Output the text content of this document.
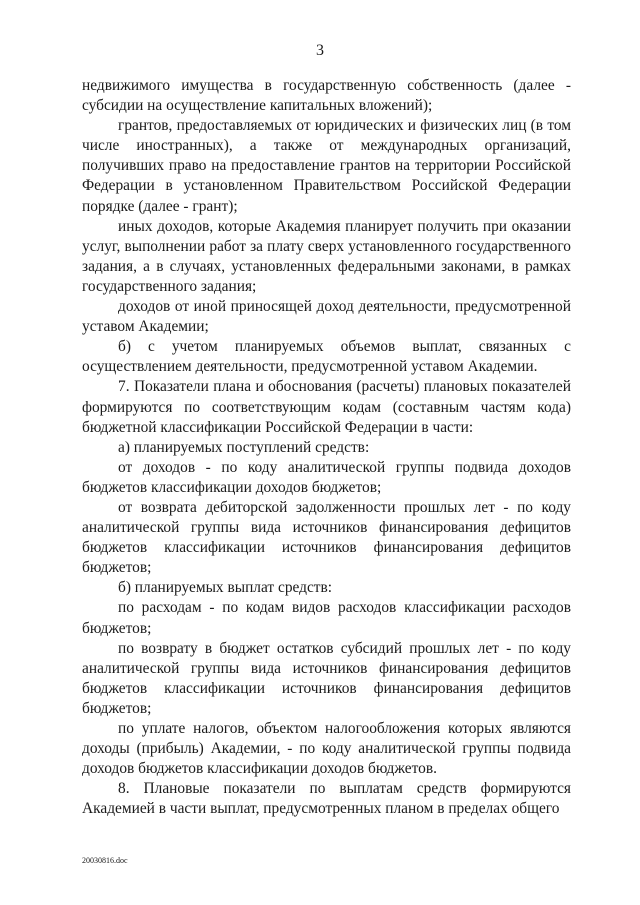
3

недвижимого имущества в государственную собственность (далее - субсидии на осуществление капитальных вложений);

грантов, предоставляемых от юридических и физических лиц (в том числе иностранных), а также от международных организаций, получивших право на предоставление грантов на территории Российской Федерации в установленном Правительством Российской Федерации порядке (далее - грант);

иных доходов, которые Академия планирует получить при оказании услуг, выполнении работ за плату сверх установленного государственного задания, а в случаях, установленных федеральными законами, в рамках государственного задания;

доходов от иной приносящей доход деятельности, предусмотренной уставом Академии;

б) с учетом планируемых объемов выплат, связанных с осуществлением деятельности, предусмотренной уставом Академии.

7. Показатели плана и обоснования (расчеты) плановых показателей формируются по соответствующим кодам (составным частям кода) бюджетной классификации Российской Федерации в части:

а) планируемых поступлений средств:

от доходов - по коду аналитической группы подвида доходов бюджетов классификации доходов бюджетов;

от возврата дебиторской задолженности прошлых лет - по коду аналитической группы вида источников финансирования дефицитов бюджетов классификации источников финансирования дефицитов бюджетов;

б) планируемых выплат средств:

по расходам - по кодам видов расходов классификации расходов бюджетов;

по возврату в бюджет остатков субсидий прошлых лет - по коду аналитической группы вида источников финансирования дефицитов бюджетов классификации источников финансирования дефицитов бюджетов;

по уплате налогов, объектом налогообложения которых являются доходы (прибыль) Академии, - по коду аналитической группы подвида доходов бюджетов классификации доходов бюджетов.

8. Плановые показатели по выплатам средств формируются Академией в части выплат, предусмотренных планом в пределах общего

20030816.doc
